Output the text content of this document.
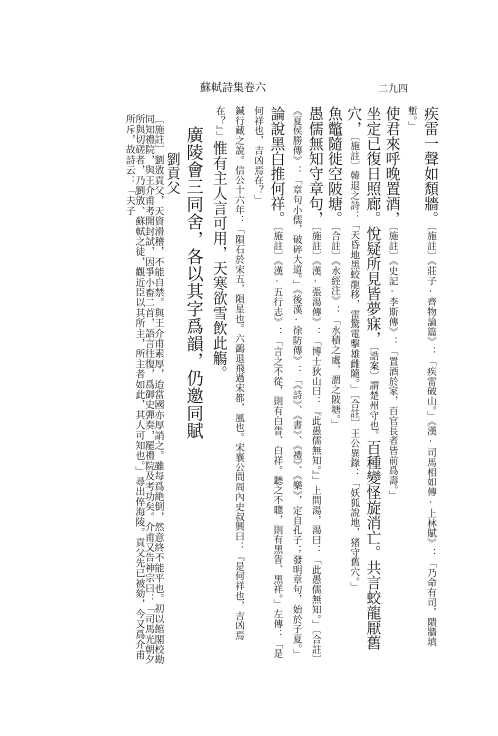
蘇軾詩集卷六	二九四
疾雷一聲如頽牆。〔施註〕《莊子·齊物論篇》：「疾雷破山。」《漢·司馬相如傳·上林賦》：「乃命有司，隤牆填塹。」
使君來呼晚置酒，〔施註〕《史記·李斯傳》：「置酒於家，百官長者皆前爲壽。」
坐定已復日照廊。悅疑所見皆夢寐，〔誥案〕謂楚州守也。百種變怪旋消亡。共言蛟龍厭舊穴，〔施註〕韓退之詩：「天昏地黑蛟龍移，雷驚電擊雄雌隨。」〔合註〕王公異錄：「妖狐說地，猪守舊穴。」
魚鼈隨徙空陂塘。〔合註〕《水經注》：「水積之處，謂之陂塘。」
愚儒無知守章句，〔施註〕《漢·張湯傳》：「博士狄山曰：『此愚儒無知。』」上問湯，湯曰：「此愚儒無知。」〔合註〕《夏侯勝傳》：「章句小儒，破碎大道。」《後漢·徐防傳》：「《詩》、《書》、《禮》、《樂》，定自孔子；發明章句，始於子夏。」
論說黑白推何祥。〔施註〕《漢·五行志》：「言之不從，則有白眚、白祥。聽之不聰，則有黑眚、黑祥。」左傳：「是何祥也，吉凶焉在？」
鍼行藏之說。信公十六年：「隕石於宋五，隕星也。六鷁退飛過宋都，風也。宋襄公問周內史叔興曰：『是何祥也，吉凶焉在？』」惟有主人言可用，天寒欲雪飲此觴。
廣陵會三同舍，各以其字爲韻，仍邀同賦
劉貢父
〔施註〕劉攽貢父，天資滑稽，不能自禁。與王介甫素厚，迨當國亦厚誚之。雖每爲絶倒，然意終不能平也。初以館閣校勘同知禮院，與王介甫考開封試，因爭小畜二首，語言往復，爲御史彈奏，罷禮院及考功矣。介甫又告神宗曰：「司馬光朝夕所與切磋者，乃劉攽、蘇軾之徒，觀近臣以其所主，所主者如此，其人可知也。」尋出倅海陵。貢父先已被劾，今又爲介甫所斥，故詩云：「夫子
